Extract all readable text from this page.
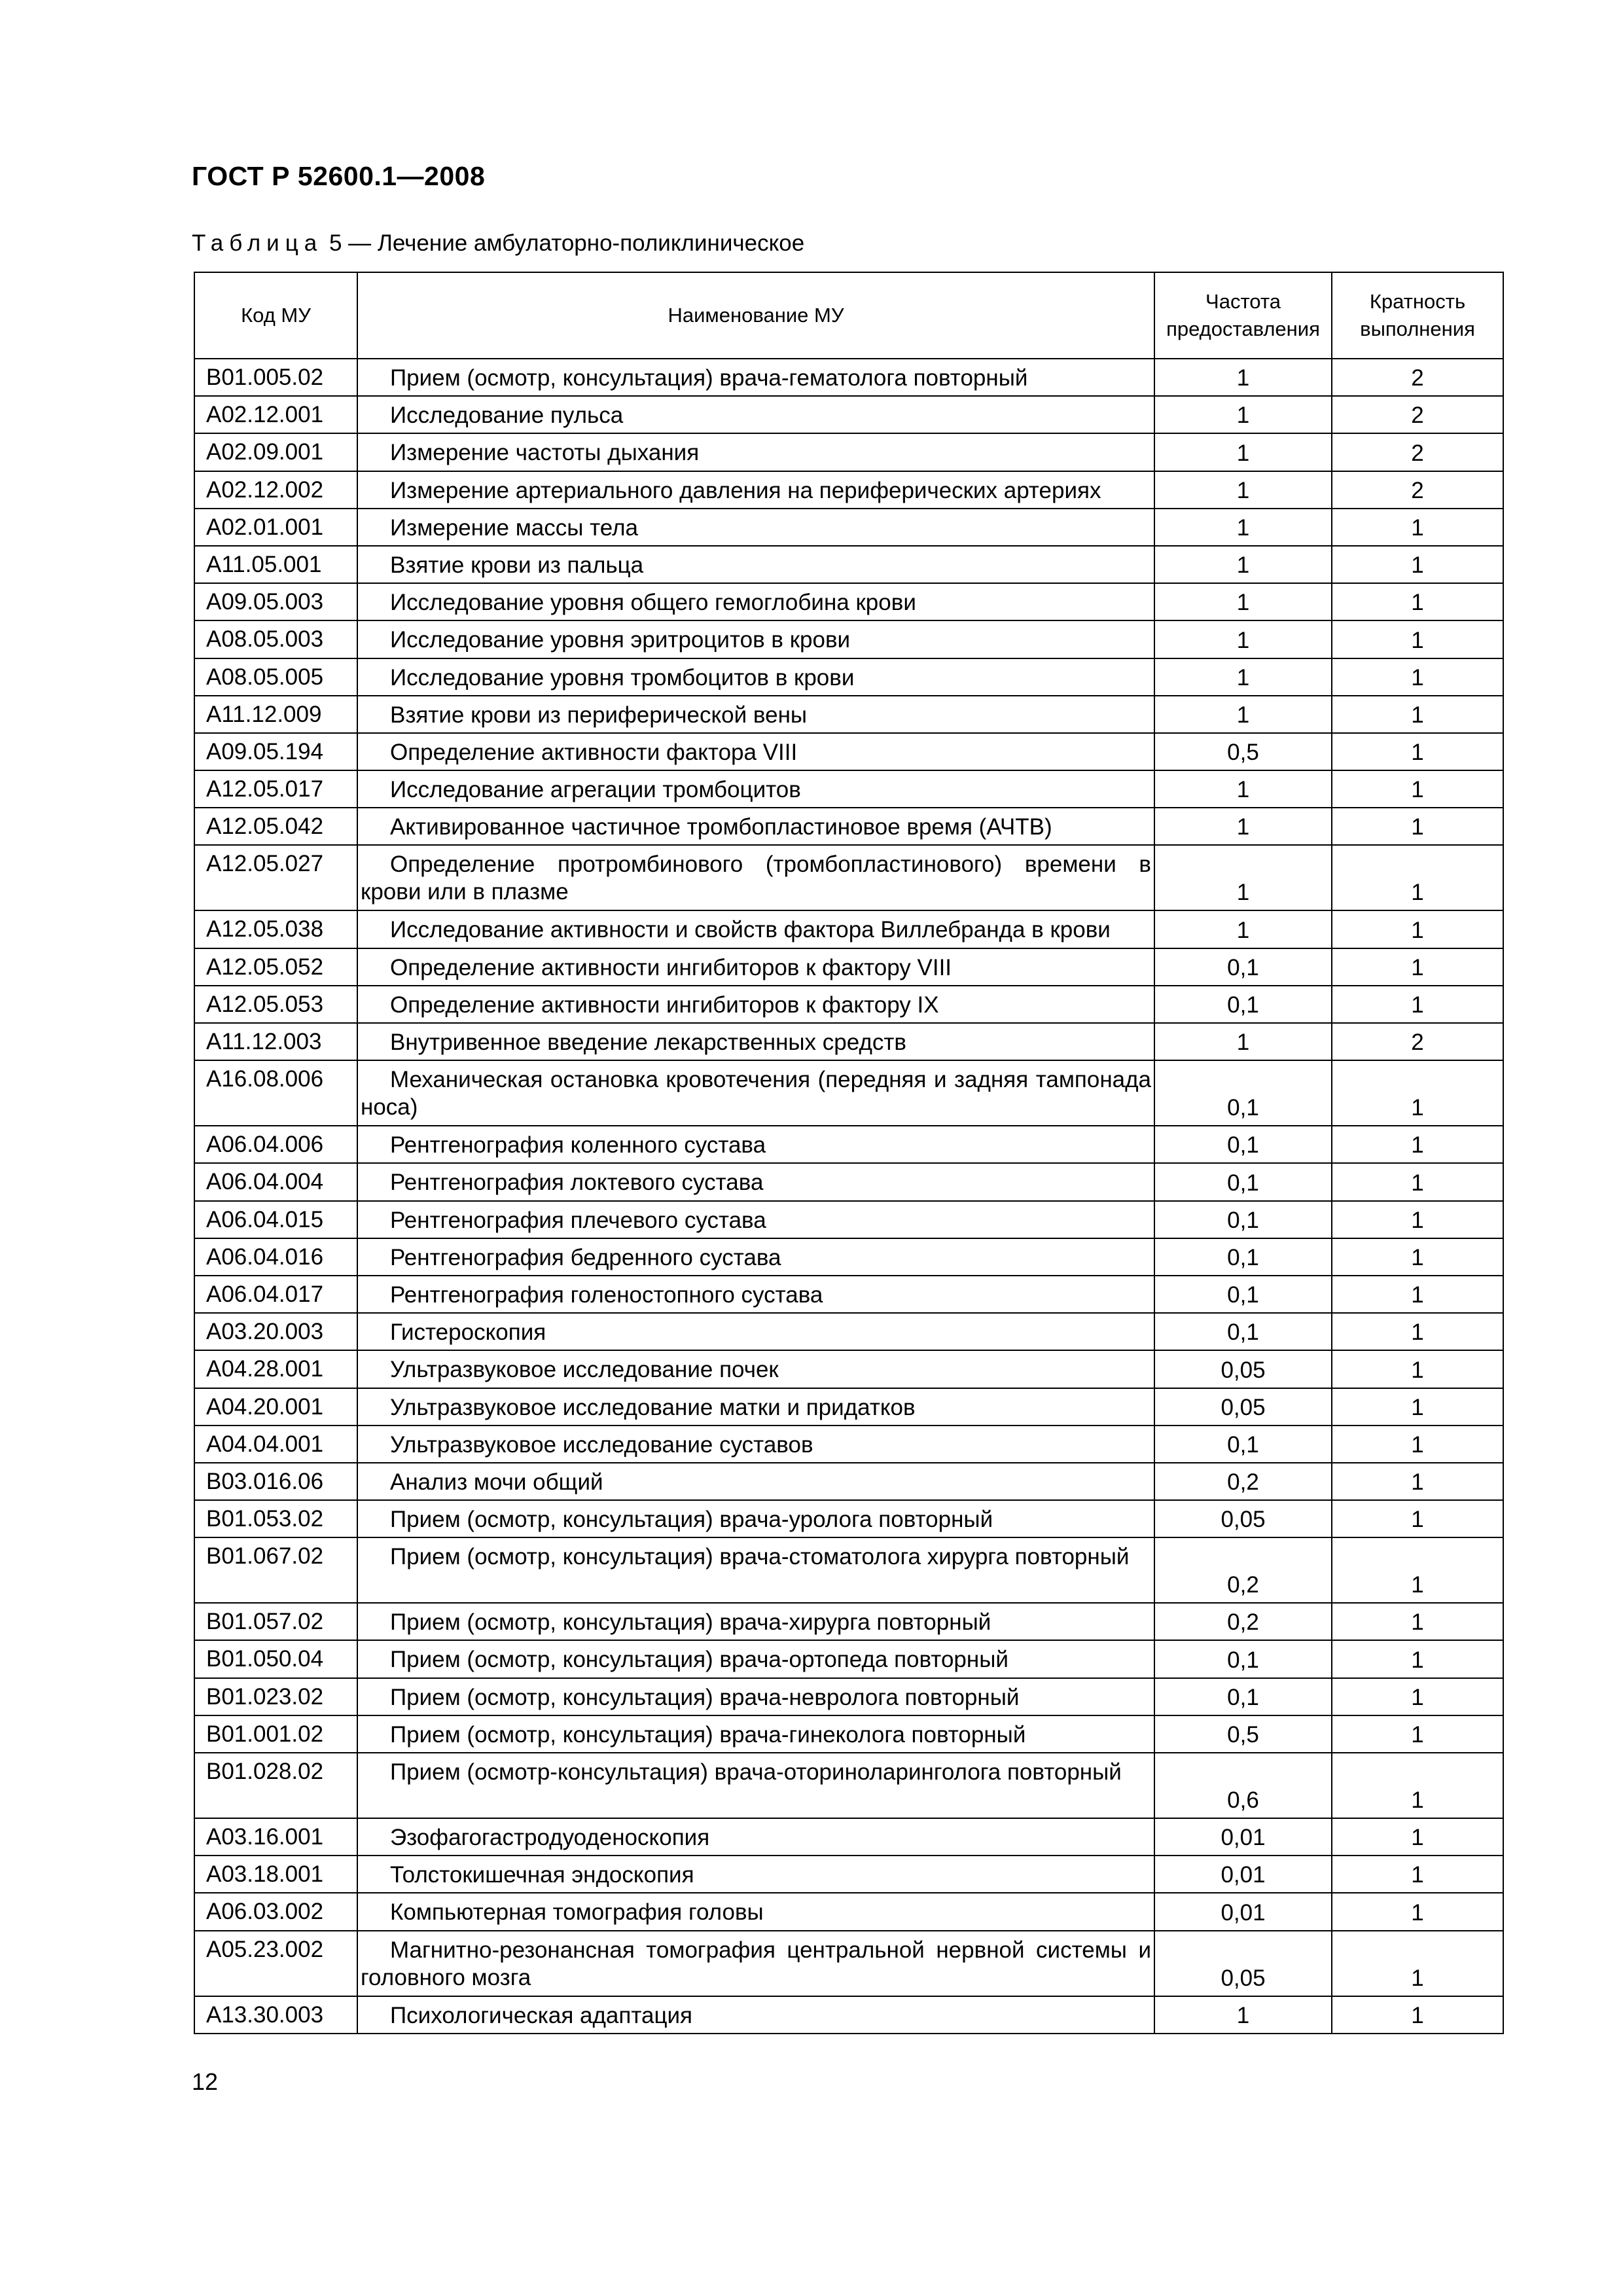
ГОСТ Р 52600.1—2008
Таблица 5 — Лечение амбулаторно-поликлиническое
Код МУ	Наименование МУ	Частота предоставления	Кратность выполнения
B01.005.02	Прием (осмотр, консультация) врача-гематолога повторный	1	2
A02.12.001	Исследование пульса	1	2
A02.09.001	Измерение частоты дыхания	1	2
A02.12.002	Измерение артериального давления на периферических артериях	1	2
A02.01.001	Измерение массы тела	1	1
A11.05.001	Взятие крови из пальца	1	1
A09.05.003	Исследование уровня общего гемоглобина крови	1	1
A08.05.003	Исследование уровня эритроцитов в крови	1	1
A08.05.005	Исследование уровня тромбоцитов в крови	1	1
A11.12.009	Взятие крови из периферической вены	1	1
A09.05.194	Определение активности фактора VIII	0,5	1
A12.05.017	Исследование агрегации тромбоцитов	1	1
A12.05.042	Активированное частичное тромбопластиновое время (АЧТВ)	1	1
A12.05.027	Определение протромбинового (тромбопластинового) времени в крови или в плазме	1	1
A12.05.038	Исследование активности и свойств фактора Виллебранда в крови	1	1
A12.05.052	Определение активности ингибиторов к фактору VIII	0,1	1
A12.05.053	Определение активности ингибиторов к фактору IX	0,1	1
A11.12.003	Внутривенное введение лекарственных средств	1	2
A16.08.006	Механическая остановка кровотечения (передняя и задняя тампонада носа)	0,1	1
A06.04.006	Рентгенография коленного сустава	0,1	1
A06.04.004	Рентгенография локтевого сустава	0,1	1
A06.04.015	Рентгенография плечевого сустава	0,1	1
A06.04.016	Рентгенография бедренного сустава	0,1	1
A06.04.017	Рентгенография голеностопного сустава	0,1	1
A03.20.003	Гистероскопия	0,1	1
A04.28.001	Ультразвуковое исследование почек	0,05	1
A04.20.001	Ультразвуковое исследование матки и придатков	0,05	1
A04.04.001	Ультразвуковое исследование суставов	0,1	1
B03.016.06	Анализ мочи общий	0,2	1
B01.053.02	Прием (осмотр, консультация) врача-уролога повторный	0,05	1
B01.067.02	Прием (осмотр, консультация) врача-стоматолога хирурга повторный	0,2	1
B01.057.02	Прием (осмотр, консультация) врача-хирурга повторный	0,2	1
B01.050.04	Прием (осмотр, консультация) врача-ортопеда повторный	0,1	1
B01.023.02	Прием (осмотр, консультация) врача-невролога повторный	0,1	1
B01.001.02	Прием (осмотр, консультация) врача-гинеколога повторный	0,5	1
B01.028.02	Прием (осмотр-консультация) врача-оториноларинголога повторный	0,6	1
A03.16.001	Эзофагогастродуоденоскопия	0,01	1
A03.18.001	Толстокишечная эндоскопия	0,01	1
A06.03.002	Компьютерная томография головы	0,01	1
A05.23.002	Магнитно-резонансная томография центральной нервной системы и головного мозга	0,05	1
A13.30.003	Психологическая адаптация	1	1
12
